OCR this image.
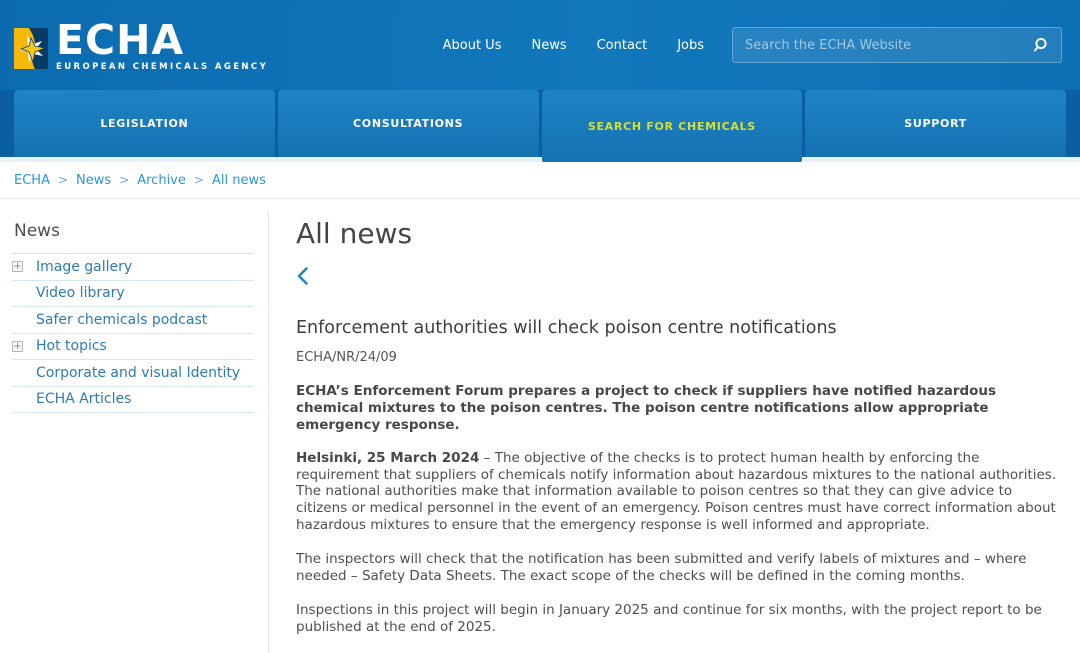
ECHA
EUROPEAN CHEMICALS AGENCY
About Us News Contact Jobs
Search the ECHA Website
LEGISLATION	CONSULTATIONS	SEARCH FOR CHEMICALS	SUPPORT
ECHA > News > Archive > All news
News
+ Image gallery
Video library
Safer chemicals podcast
+ Hot topics
Corporate and visual Identity
ECHA Articles
All news
Enforcement authorities will check poison centre notifications
ECHA/NR/24/09

ECHA’s Enforcement Forum prepares a project to check if suppliers have notified hazardous chemical mixtures to the poison centres. The poison centre notifications allow appropriate emergency response.

Helsinki, 25 March 2024 – The objective of the checks is to protect human health by enforcing the requirement that suppliers of chemicals notify information about hazardous mixtures to the national authorities. The national authorities make that information available to poison centres so that they can give advice to citizens or medical personnel in the event of an emergency. Poison centres must have correct information about hazardous mixtures to ensure that the emergency response is well informed and appropriate.

The inspectors will check that the notification has been submitted and verify labels of mixtures and – where needed – Safety Data Sheets. The exact scope of the checks will be defined in the coming months.

Inspections in this project will begin in January 2025 and continue for six months, with the project report to be published at the end of 2025.
